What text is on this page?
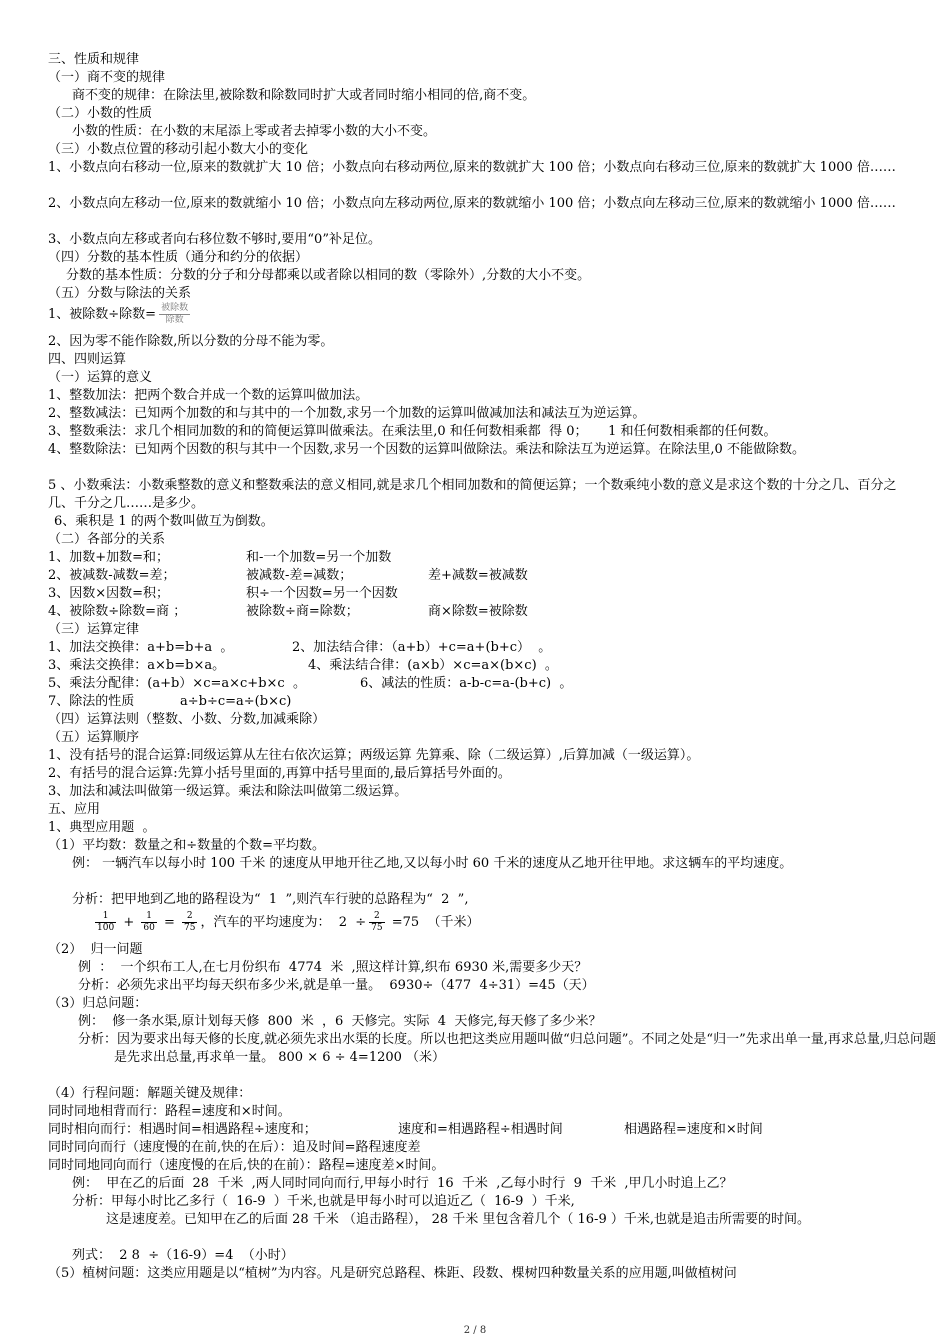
三、性质和规律
（一）商不变的规律
商不变的规律：在除法里,被除数和除数同时扩大或者同时缩小相同的倍,商不变。
（二）小数的性质
小数的性质：在小数的末尾添上零或者去掉零小数的大小不变。
（三）小数点位置的移动引起小数大小的变化
1、小数点向右移动一位,原来的数就扩大 10 倍；小数点向右移动两位,原来的数就扩大 100 倍；小数点向右移动三位,原来的数就扩大 1000 倍……
2、小数点向左移动一位,原来的数就缩小 10 倍；小数点向左移动两位,原来的数就缩小 100 倍；小数点向左移动三位,原来的数就缩小 1000 倍……
3、小数点向左移或者向右移位数不够时,要用“0”补足位。
（四）分数的基本性质（通分和约分的依据）
分数的基本性质：分数的分子和分母都乘以或者除以相同的数（零除外）,分数的大小不变。
（五）分数与除法的关系
1、被除数÷除数= $\frac{\text{被除数}}{\text{除数}}$
2、因为零不能作除数,所以分数的分母不能为零。
四、四则运算
（一）运算的意义
1、整数加法：把两个数合并成一个数的运算叫做加法。
2、整数减法：已知两个加数的和与其中的一个加数,求另一个加数的运算叫做减加法和减法互为逆运算。
3、整数乘法：求几个相同加数的和的简便运算叫做乘法。在乘法里,0 和任何数相乘都  得 0；     1 和任何数相乘都的任何数。
4、整数除法：已知两个因数的积与其中一个因数,求另一个因数的运算叫做除法。乘法和除法互为逆运算。在除法里,0 不能做除数。
5 、小数乘法：小数乘整数的意义和整数乘法的意义相同,就是求几个相同加数和的简便运算；一个数乘纯小数的意义是求这个数的十分之几、百分之几、千分之几……是多少。
6、乘积是 1 的两个数叫做互为倒数。
（二）各部分的关系
1、加数+加数=和；	和-一个加数=另一个加数
2、被减数-减数=差；	被减数-差=减数；	差+减数=被减数
3、因数×因数=积；	积÷一个因数=另一个因数
4、被除数÷除数=商 ；	被除数÷商=除数；	商×除数=被除数
（三）运算定律
1、加法交换律：a+b=b+a  。	2、加法结合律：（a+b）+c=a+(b+c）  。
3、乘法交换律：a×b=b×a。	4、乘法结合律：(a×b）×c=a×(b×c)  。
5、乘法分配律：(a+b）×c=a×c+b×c  。	6、减法的性质：a-b-c=a-(b+c)  。
7、除法的性质	a÷b÷c=a÷(b×c)
（四）运算法则（整数、小数、分数,加减乘除）
（五）运算顺序
1、没有括号的混合运算:同级运算从左往右依次运算；两级运算 先算乘、除（二级运算）,后算加减（一级运算）。
2、有括号的混合运算:先算小括号里面的,再算中括号里面的,最后算括号外面的。
3、加法和减法叫做第一级运算。乘法和除法叫做第二级运算。
五、应用
1、典型应用题  。
（1）平均数：数量之和÷数量的个数=平均数。
例： 一辆汽车以每小时 100 千米 的速度从甲地开往乙地,又以每小时 60 千米的速度从乙地开往甲地。求这辆车的平均速度。
分析：把甲地到乙地的路程设为“  1  ”,则汽车行驶的总路程为“  2  ”,
$\frac{1}{100} + \frac{1}{60} = \frac{2}{75}$ ，汽车的平均速度为：  $2 \div \frac{2}{75} =75$  （千米）
（2）  归一问题
例  ：  一个织布工人,在七月份织布  4774  米  ,照这样计算,织布 6930 米,需要多少天？
分析：必须先求出平均每天织布多少米,就是单一量。  6930÷（477  4÷31）=45（天）
（3）归总问题：
例：  修一条水渠,原计划每天修  800  米  ，6  天修完。实际  4  天修完,每天修了多少米？
分析：因为要求出每天修的长度,就必须先求出水渠的长度。所以也把这类应用题叫做“归总问题”。不同之处是“归一”先求出单一量,再求总量,归总问题是先求出总量,再求单一量。 800 × 6 ÷ 4=1200 （米）
（4）行程问题：解题关键及规律：
同时同地相背而行：路程=速度和×时间。
同时相向而行：相遇时间=相遇路程÷速度和；	速度和=相遇路程÷相遇时间	相遇路程=速度和×时间
同时同向而行（速度慢的在前,快的在后）：追及时间=路程速度差
同时同地同向而行（速度慢的在后,快的在前）：路程=速度差×时间。
例：  甲在乙的后面  28  千米  ,两人同时同向而行,甲每小时行  16  千米  ,乙每小时行  9  千米  ,甲几小时追上乙？
分析：甲每小时比乙多行（  16-9  ）千米,也就是甲每小时可以追近乙（  16-9  ）千米,
这是速度差。已知甲在乙的后面 28 千米 （追击路程）， 28 千米 里包含着几个（ 16-9 ）千米,也就是追击所需要的时间。
列式：  2 8  ÷（16-9）=4  （小时）
（5）植树问题：这类应用题是以“植树”为内容。凡是研究总路程、株距、段数、棵树四种数量关系的应用题,叫做植树问
2 / 8
